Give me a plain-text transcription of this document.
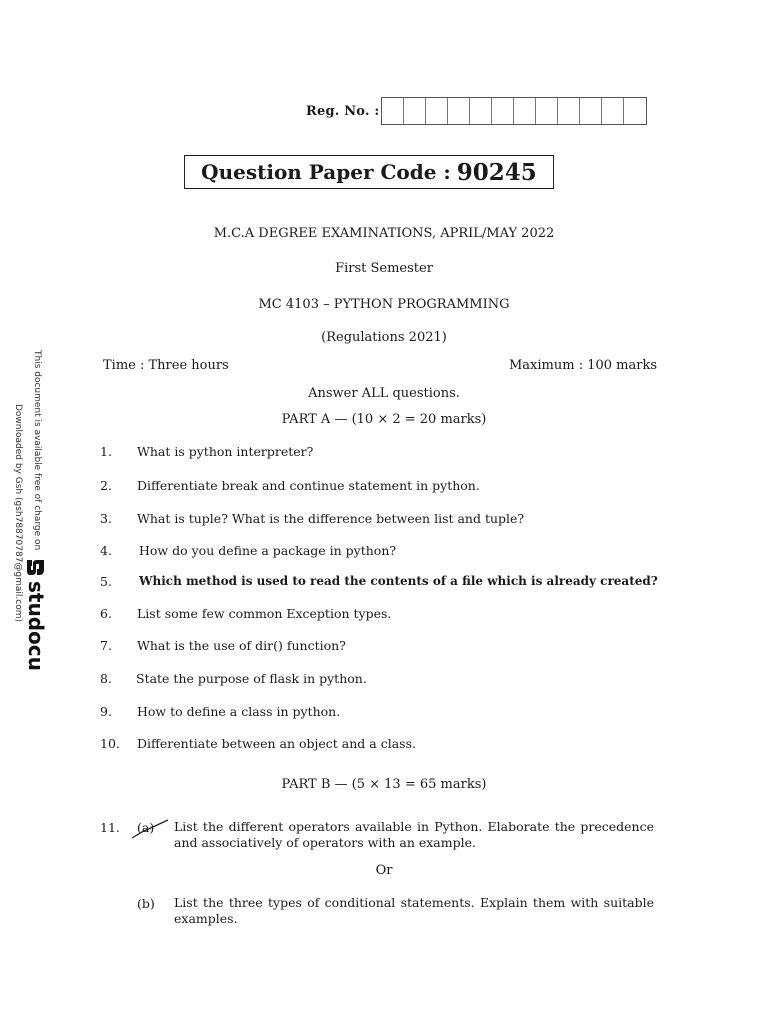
Reg. No. :
Question Paper Code : 90245
M.C.A DEGREE EXAMINATIONS, APRIL/MAY 2022
First Semester
MC 4103 – PYTHON PROGRAMMING
(Regulations 2021)
Time : Three hours	Maximum : 100 marks
Answer ALL questions.
PART A — (10 × 2 = 20 marks)
1. What is python interpreter?
2. Differentiate break and continue statement in python.
3. What is tuple? What is the difference between list and tuple?
4. How do you define a package in python?
5. Which method is used to read the contents of a file which is already created?
6. List some few common Exception types.
7. What is the use of dir() function?
8. State the purpose of flask in python.
9. How to define a class in python.
10. Differentiate between an object and a class.
PART B — (5 × 13 = 65 marks)
11. (a) List the different operators available in Python. Elaborate the precedence and associatively of operators with an example.
Or
(b) List the three types of conditional statements. Explain them with suitable examples.
This document is available free of charge on
Downloaded by Gsh (gsh78870787@gmail.com)
studocu
